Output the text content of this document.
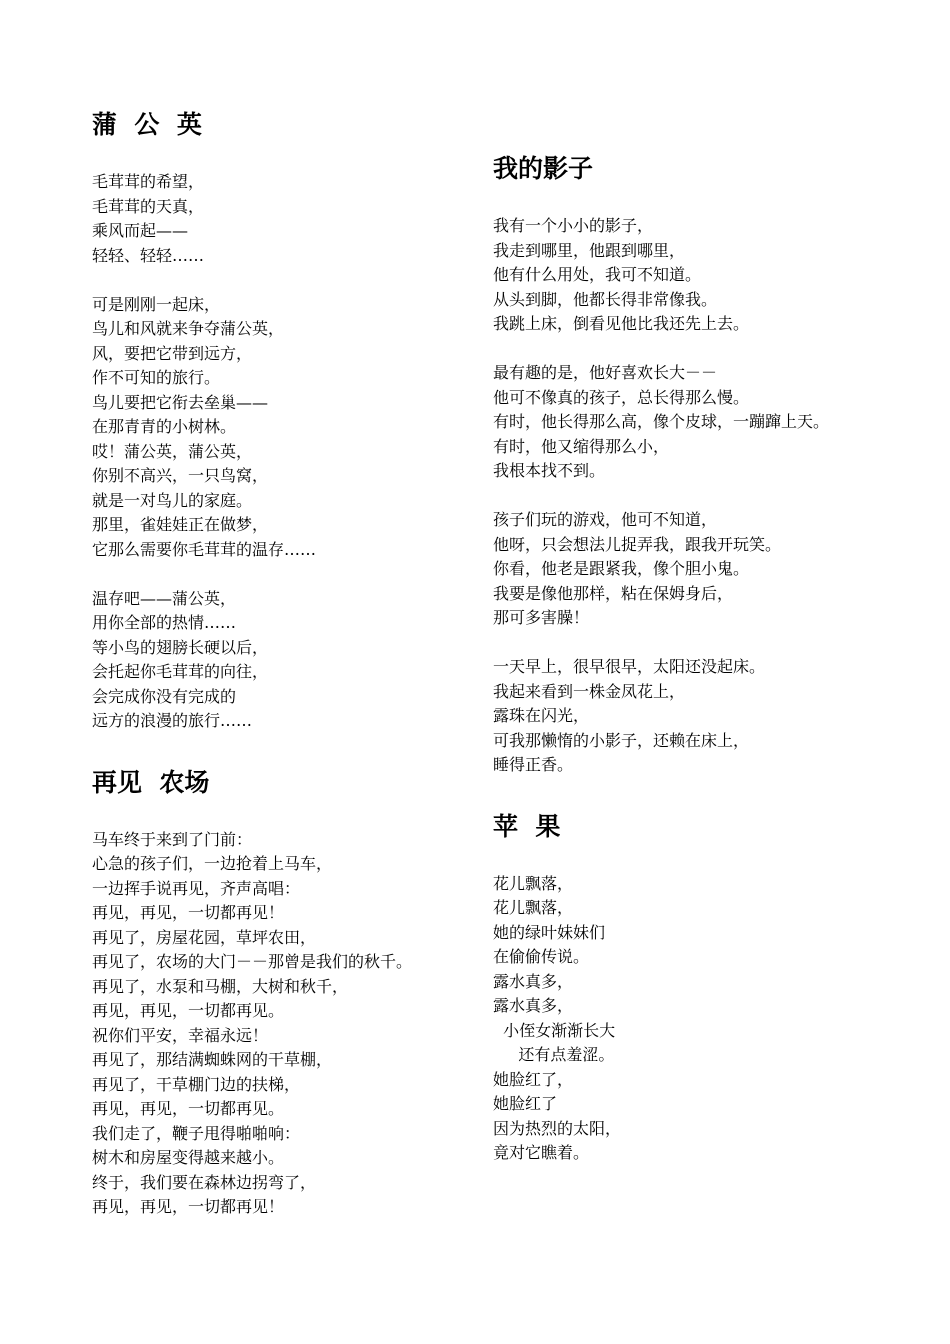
蒲  公  英
毛茸茸的希望，
毛茸茸的天真，
乘风而起——
轻轻、轻轻……
可是刚刚一起床，
鸟儿和风就来争夺蒲公英，
风，要把它带到远方，
作不可知的旅行。
鸟儿要把它衔去垒巢——
在那青青的小树林。
哎！蒲公英，蒲公英，
你别不高兴，一只鸟窝，
就是一对鸟儿的家庭。
那里，雀娃娃正在做梦，
它那么需要你毛茸茸的温存……
温存吧——蒲公英，
用你全部的热情……
等小鸟的翅膀长硬以后，
会托起你毛茸茸的向往，
会完成你没有完成的
远方的浪漫的旅行……
再见  农场
马车终于来到了门前：
心急的孩子们，一边抢着上马车，
一边挥手说再见，齐声高唱：
再见，再见，一切都再见！
再见了，房屋花园，草坪农田，
再见了，农场的大门－－那曾是我们的秋千。
再见了，水泵和马棚，大树和秋千，
再见，再见，一切都再见。
祝你们平安，幸福永远！
再见了，那结满蜘蛛网的干草棚，
再见了，干草棚门边的扶梯，
再见，再见，一切都再见。
我们走了，鞭子甩得啪啪响：
树木和房屋变得越来越小。
终于，我们要在森林边拐弯了，
再见，再见，一切都再见！
我的影子
我有一个小小的影子，
我走到哪里，他跟到哪里，
他有什么用处，我可不知道。
从头到脚，他都长得非常像我。
我跳上床，倒看见他比我还先上去。
最有趣的是，他好喜欢长大－－
他可不像真的孩子，总长得那么慢。
有时，他长得那么高，像个皮球，一蹦蹿上天。
有时，他又缩得那么小，
我根本找不到。
孩子们玩的游戏，他可不知道，
他呀，只会想法儿捉弄我，跟我开玩笑。
你看，他老是跟紧我，像个胆小鬼。
我要是像他那样，粘在保姆身后，
那可多害臊！
一天早上，很早很早，太阳还没起床。
我起来看到一株金凤花上，
露珠在闪光，
可我那懒惰的小影子，还赖在床上，
睡得正香。
苹  果
花儿飘落，
花儿飘落，
她的绿叶妹妹们
在偷偷传说。
露水真多，
露水真多，
小侄女渐渐长大
还有点羞涩。
她脸红了，
她脸红了
因为热烈的太阳，
竟对它瞧着。
